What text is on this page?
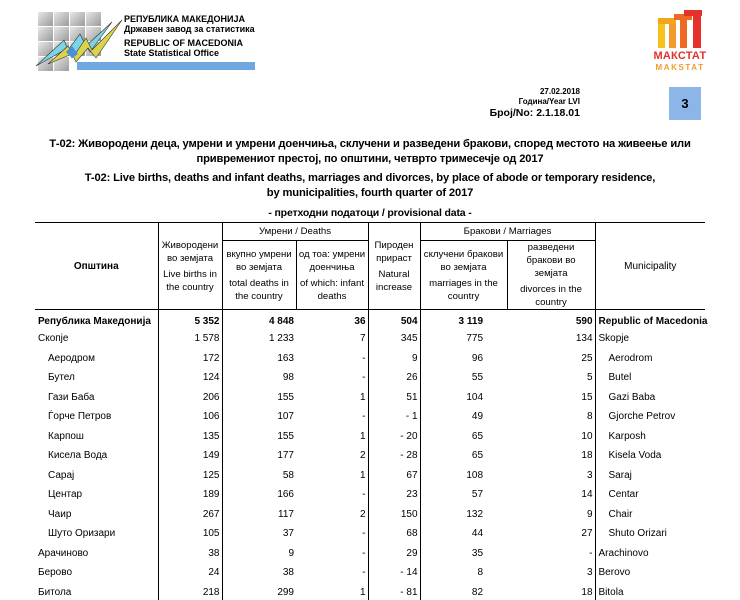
РЕПУБЛИКА МАКЕДОНИЈА
Државен завод за статистика
REPUBLIC OF MACEDONIA
State Statistical Office	МАКСТАТ
MAKSTAT
27.02.2018
Година/Year LVI
Број/No: 2.1.18.01
3
Т-02: Живородени деца, умрени и умрени доенчиња, склучени и разведени бракови, според местото на живеење или
привремениот престој, по општини, четврто тримесечје од 2017
T-02: Live births, deaths and infant deaths, marriages and divorces, by place of abode or temporary residence,
by municipalities, fourth quarter of 2017
- претходни податоци / provisional data -
Општина	
Живородени во земјата
Live births in the country
	Умрени / Deaths	
Пироден прираст
Natural increase
	Бракови / Marriages	Municipality

вкупно умрени во земјата
total deaths in the country

од тоа: умрени доенчиња
of which: infant deaths

склучени бракови во земјата
marriages in the country

разведени бракови во земјата
divorces in the country

Република Македонија	5 352	4 848	36	504	3 119	590	Republic of Macedonia
Скопје	1 578	1 233	7	345	775	134	Skopje
Аеродром	172	163	-	9	96	25	Aerodrom
Бутел	124	98	-	26	55	5	Butel
Гази Баба	206	155	1	51	104	15	Gazi Baba
Ѓорче Петров	106	107	-	- 1	49	8	Gjorche Petrov
Карпош	135	155	1	- 20	65	10	Karposh
Кисела Вода	149	177	2	- 28	65	18	Kisela Voda
Сарај	125	58	1	67	108	3	Saraj
Центар	189	166	-	23	57	14	Centar
Чаир	267	117	2	150	132	9	Chair
Шуто Оризари	105	37	-	68	44	27	Shuto Orizari
Арачиново	38	9	-	29	35	-	Arachinovo
Берово	24	38	-	- 14	8	3	Berovo
Битола	218	299	1	- 81	82	18	Bitola
